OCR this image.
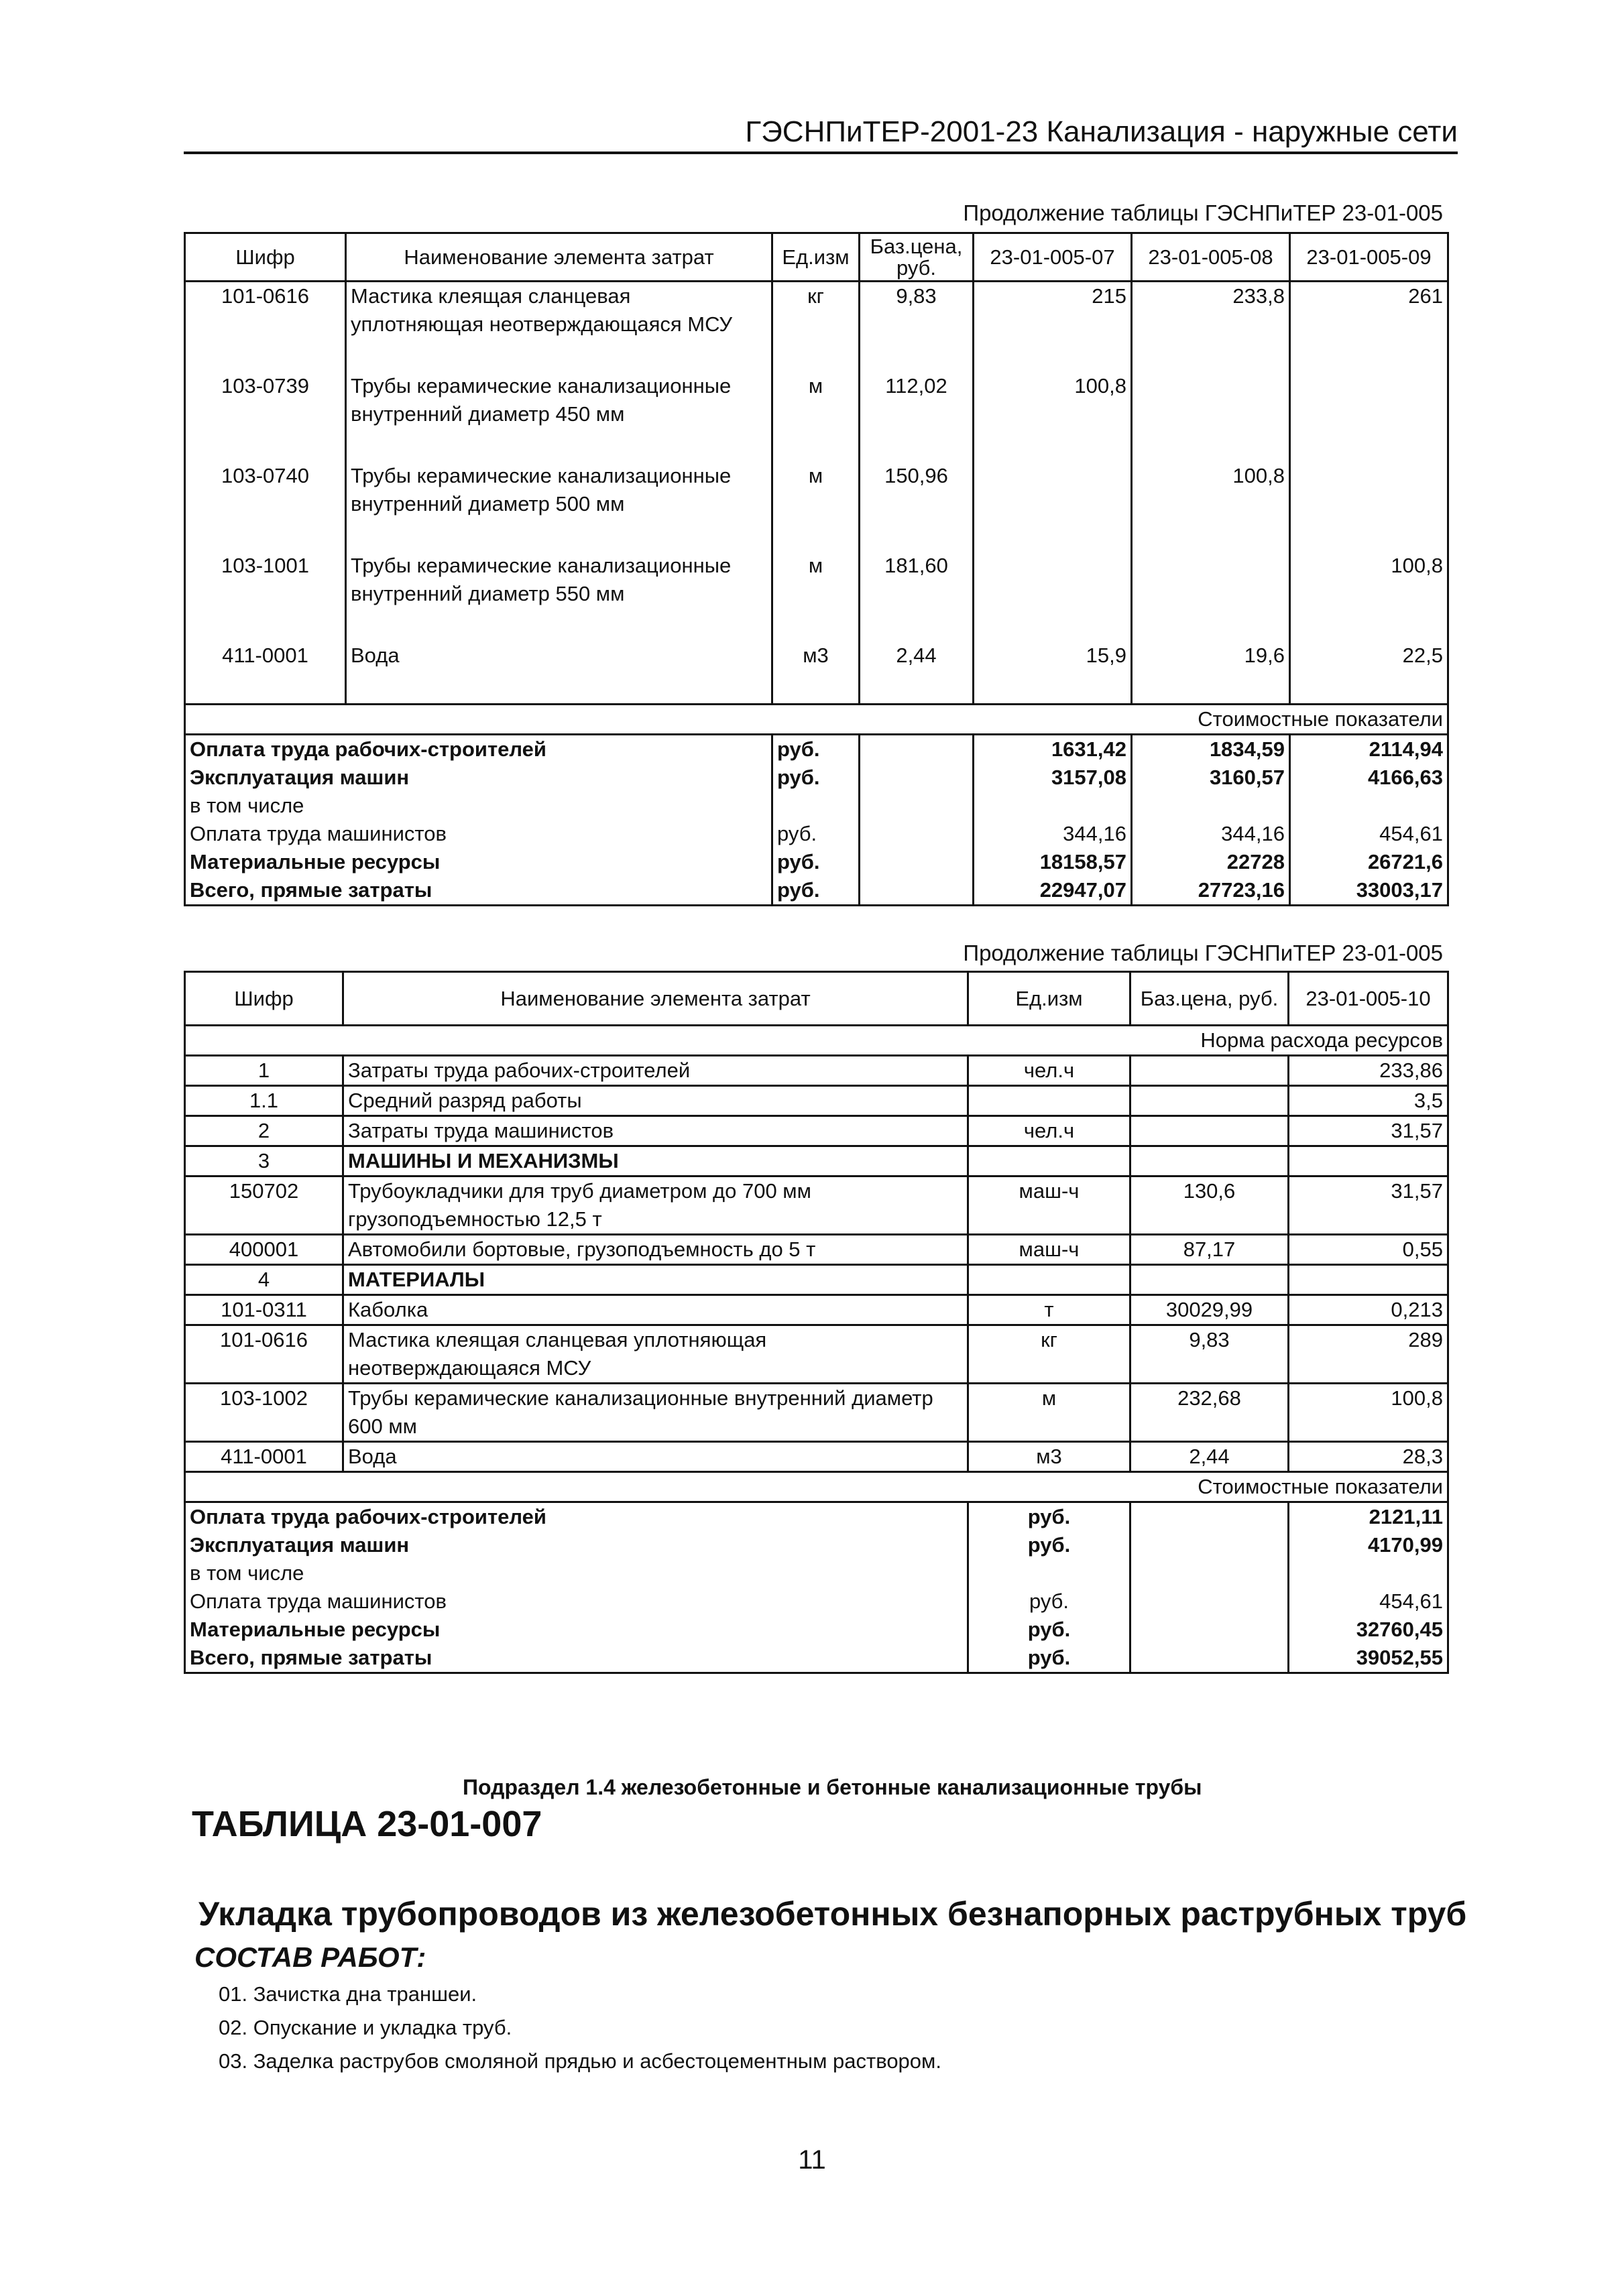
ГЭСНПиТЕР-2001-23 Канализация - наружные сети
Продолжение таблицы ГЭСНПиТЕР 23-01-005
Шифр	Наименование элемента затрат	Ед.изм	Баз.цена, руб.	23-01-005-07	23-01-005-08	23-01-005-09
101-0616	Мастика клеящая сланцевая уплотняющая неотверждающаяся МСУ	кг	9,83	215	233,8	261
103-0739	Трубы керамические канализационные внутренний диаметр 450 мм	м	112,02	100,8		
103-0740	Трубы керамические канализационные внутренний диаметр 500 мм	м	150,96		100,8	
103-1001	Трубы керамические канализационные внутренний диаметр 550 мм	м	181,60			100,8
411-0001	Вода	м3	2,44	15,9	19,6	22,5
Стоимостные показатели						
Оплата труда рабочих-строителей		руб.		1631,42	1834,59	2114,94
Эксплуатация машин		руб.		3157,08	3160,57	4166,63
в том числе						
Оплата труда машинистов		руб.		344,16	344,16	454,61
Материальные ресурсы		руб.		18158,57	22728	26721,6
Всего, прямые затраты		руб.		22947,07	27723,16	33003,17
Продолжение таблицы ГЭСНПиТЕР 23-01-005
Шифр	Наименование элемента затрат	Ед.изм	Баз.цена, руб.	23-01-005-10
Норма расхода ресурсов				
1	Затраты труда рабочих-строителей	чел.ч		233,86
1.1	Средний разряд работы			3,5
2	Затраты труда машинистов	чел.ч		31,57
3	МАШИНЫ И МЕХАНИЗМЫ			
150702	Трубоукладчики для труб диаметром до 700 мм грузоподъемностью 12,5 т	маш-ч	130,6	31,57
400001	Автомобили бортовые, грузоподъемность до 5 т	маш-ч	87,17	0,55
4	МАТЕРИАЛЫ			
101-0311	Каболка	т	30029,99	0,213
101-0616	Мастика клеящая сланцевая уплотняющая неотверждающаяся МСУ	кг	9,83	289
103-1002	Трубы керамические канализационные внутренний диаметр 600 мм	м	232,68	100,8
411-0001	Вода	м3	2,44	28,3
Стоимостные показатели				
Оплата труда рабочих-строителей		руб.		2121,11
Эксплуатация машин		руб.		4170,99
в том числе				
Оплата труда машинистов		руб.		454,61
Материальные ресурсы		руб.		32760,45
Всего, прямые затраты		руб.		39052,55
Подраздел 1.4 железобетонные и бетонные канализационные трубы
ТАБЛИЦА 23-01-007
Укладка трубопроводов из железобетонных безнапорных раструбных труб
СОСТАВ РАБОТ:
01. Зачистка дна траншеи.
02. Опускание и укладка труб.
03. Заделка раструбов смоляной прядью и асбестоцементным раствором.
11
